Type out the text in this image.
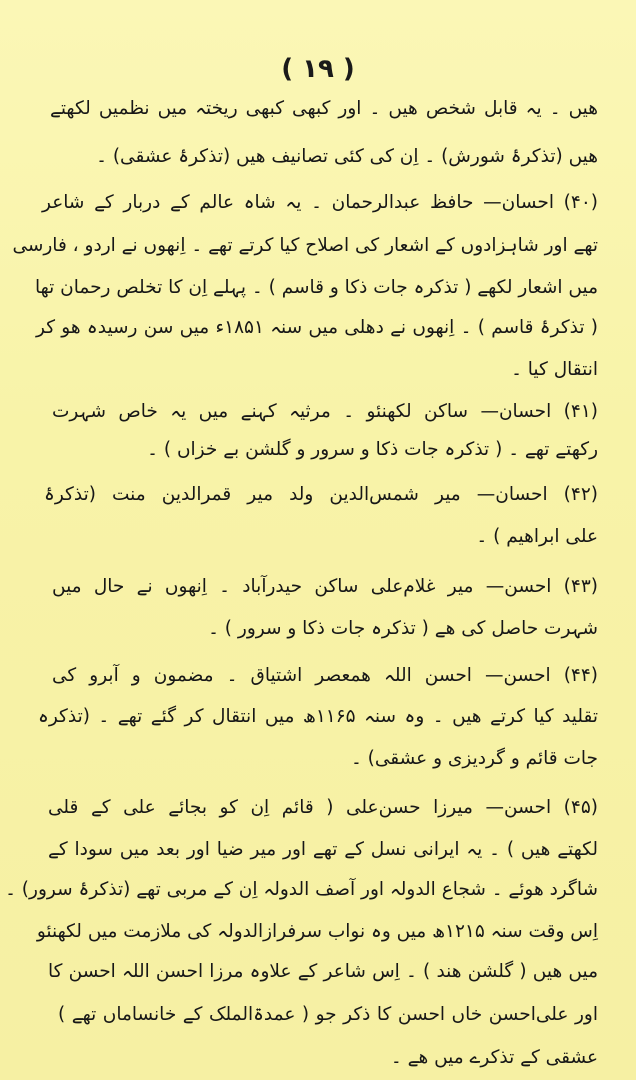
( ١٩ )
ھیں ۔ یہ قابل شخص ھیں ۔ اور کبھی کبھی ریختہ میں نظمیں لکھتے
ھیں (تذکرۂ شورش) ۔ اِن کی کئی تصانیف ھیں (تذکرۂ عشقی) ۔
(۴۰) احسان— حافظ عبدالرحمان ۔ یہ شاہ عالم کے دربار کے شاعر
تھے اور شاہزادوں کے اشعار کی اصلاح کیا کرتے تھے ۔ اِنھوں نے اردو ، فارسی
میں اشعار لکھے ( تذکرہ جات ذکا و قاسم ) ۔ پہلے اِن کا تخلص رحمان تھا
( تذکرۂ قاسم ) ۔ اِنھوں نے دھلی میں سنہ ۱۸۵۱ء میں سن رسیدہ ھو کر
انتقال کیا ۔
(۴۱) احسان— ساکن لکھنئو ۔ مرثیہ کہنے میں یہ خاص شہرت
رکھتے تھے ۔ ( تذکرہ جات ذکا و سرور و گلشن بے خزاں ) ۔
(۴۲) احسان— میر شمس‌الدین ولد میر قمرالدین منت (تذکرۂ
علی ابراھیم ) ۔
(۴۳) احسن— میر غلام‌علی ساکن حیدرآباد ۔ اِنھوں نے حال میں
شہرت حاصل کی ھے ( تذکرہ جات ذکا و سرور ) ۔
(۴۴) احسن— احسن اللہ ھمعصر اشتیاق ۔ مضمون و آبرو کی
تقلید کیا کرتے ھیں ۔ وہ سنہ ۱۱۶۵ھ میں انتقال کر گئے تھے ۔ (تذکرہ
جات قائم و گردیزی و عشقی) ۔
(۴۵) احسن— میرزا حسن‌علی ( قائم اِن کو بجائے علی کے قلی
لکھتے ھیں ) ۔ یہ ایرانی نسل کے تھے اور میر ضیا اور بعد میں سودا کے
شاگرد ھوئے ۔ شجاع الدولہ اور آصف الدولہ اِن کے مربی تھے (تذکرۂ سرور) ۔
اِس وقت سنہ ۱۲۱۵ھ میں وہ نواب سرفرازالدولہ کی ملازمت میں لکھنئو
میں ھیں ( گلشن ھند ) ۔ اِس شاعر کے علاوہ مرزا احسن اللہ احسن کا
اور علی‌احسن خاں احسن کا ذکر جو ( عمدۃالملک کے خانساماں تھے )
عشقی کے تذکرے میں ھے ۔
